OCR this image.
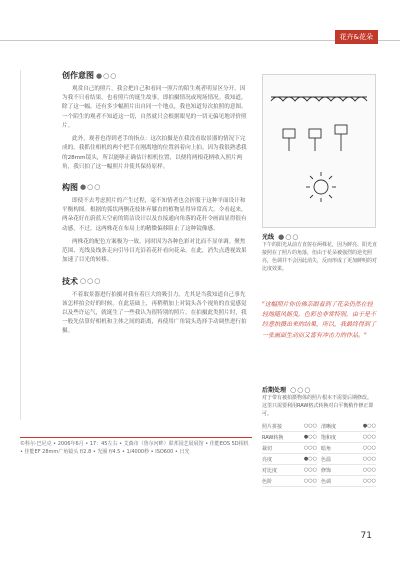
花卉&花朵
创作意图 ●○○

观赏自己的照片，我会把自己和看同一照片的陌生观者明显区分开。因为我不只看结果，也看照片的诞生故事，即拍摄情况或现场情况。我知道，除了这一幅，还有多少幅照片出自同一个地点，我也知道每次拍照的意图。一个陌生的观者不知道这一切，自然就只会根据眼见的一切无偏见地评价照片。

此外，观者也得到老手的指点：这次拍摄是在我没看取景器的情况下完成的。我抓住相机的两个把手在刚离地的位置斜着向上拍。因为我很熟悉我的28mm镜头，所以能够正确估计相机位置，以便将两根花柄收入照片两角，我只拍了这一幅照片并使其保持原样。

构图 ●○○

即使不去考虑照片的产生过程，毫不知情者也会折服于这种平面设计和平衡构图。根据的弧状两侧花枝体弃膝直的植物显得异常高大。令看起来，两朵花好在蔚蓝天空前的简洁设计以及直接通向角落的花秆令画面显得很有动感，不过，这两株花在布局上的精微偏移阻止了这种镜像感。

两株花的配色方案极为一致，同时因为各种色彩对比而不显单调。聚焦范围、光线及线条走向引导目光沿着花秆看向花朵。在此，消失点透视效果加速了目光的转移。

技术 ○○○

不着取景器进行拍摄对我有着巨大的吸引力，尤其是当我知道自己事先该怎样拍会好的时候。在此基础上，再稍稍加上对镜头各个视角的直觉感觉以及些许运气，就诞生了一些我认为很特别的照片。在拍摄此类照片时，我一般先估算好相机和主体之间的距离，再使用广角镜头选择手动调焦进行拍摄。

©科尔·巴尼克 • 2006年6月 • 17：45左右 • 艾森市（鲁尔河畔）联邦园艺展展馆 • 佳能EOS 5D相机 • 佳能EF 28mm广角镜头 f/2.8 • 光圈 f/4.5 • 1/4000秒 • ISO600 • 日光
光线 ●○○
下午的阳光从前方直射在两株花，因为鲜亮、阳光直接照在了照片的角落，但由于花朵被强烈的逆光照亮，色调并不会因此消失，反而形成了更加鲜明的对比度效果。
"这幅照片你仿佛亲眼看到了花朵仍然在轻轻地随风摇曳，色彩也非常特别，由于是不经意拍摄出来的结果，所以，我最终得到了一张画面生动而又富有冲击力的作品。"
后期处理 ○○○
对于带有被拍摄物体的照片根本不需要后期修改。这里只需要利用RAW格式转换对白平衡稍作修正即可。
照片拼接	○○○ 清晰度	●○○
RAW转换	●○○ 饱和度	○○○
裁切	○○○ 暗角	○○○
亮度	●○○ 色温	○○○
对比度	○○○ 修饰	○○○
色阶	○○○ 色调	○○○
71
